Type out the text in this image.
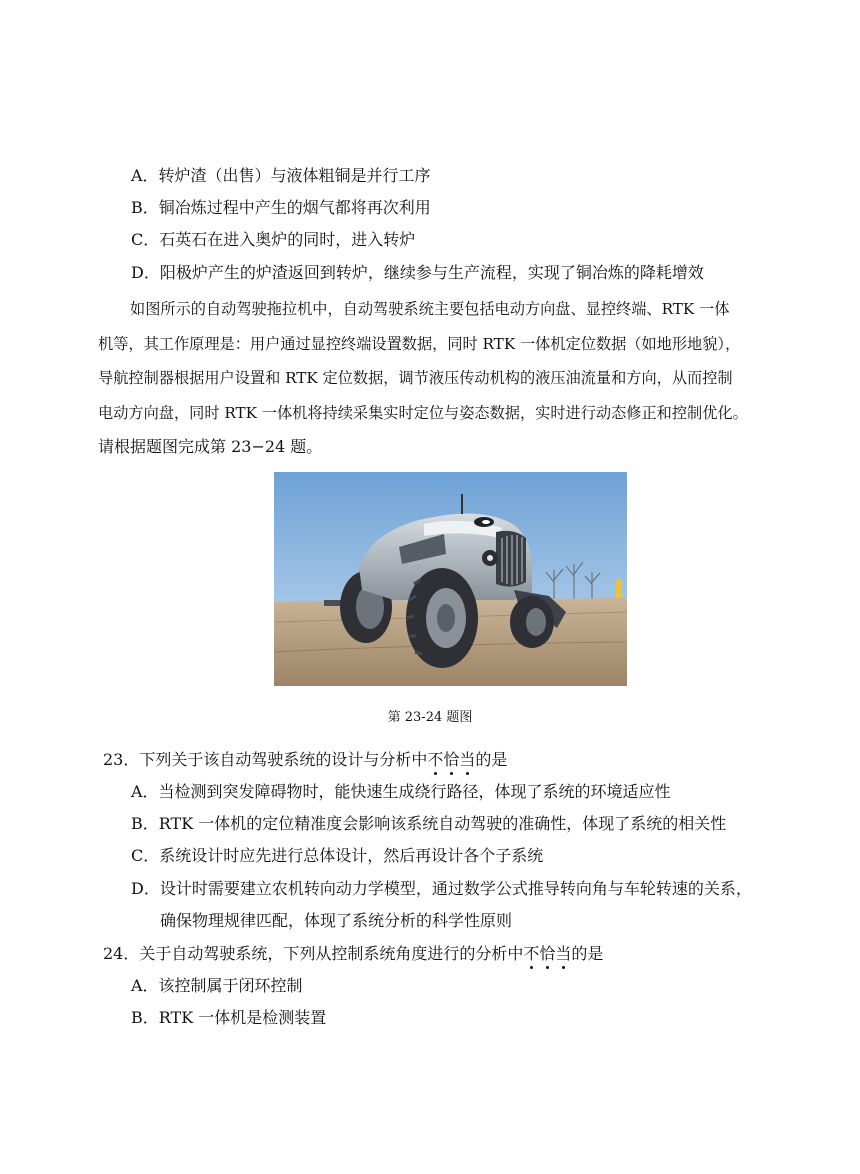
A．转炉渣（出售）与液体粗铜是并行工序
B．铜冶炼过程中产生的烟气都将再次利用
C．石英石在进入奥炉的同时，进入转炉
D．阳极炉产生的炉渣返回到转炉，继续参与生产流程，实现了铜冶炼的降耗增效
如图所示的自动驾驶拖拉机中，自动驾驶系统主要包括电动方向盘、显控终端、RTK 一体
机等，其工作原理是：用户通过显控终端设置数据，同时 RTK 一体机定位数据（如地形地貌），
导航控制器根据用户设置和 RTK 定位数据，调节液压传动机构的液压油流量和方向，从而控制
电动方向盘，同时 RTK 一体机将持续采集实时定位与姿态数据，实时进行动态修正和控制优化。
请根据题图完成第 23−24 题。
第 23-24 题图
23．下列关于该自动驾驶系统的设计与分析中不恰当的是
A．当检测到突发障碍物时，能快速生成绕行路径，体现了系统的环境适应性
B．RTK 一体机的定位精准度会影响该系统自动驾驶的准确性，体现了系统的相关性
C．系统设计时应先进行总体设计，然后再设计各个子系统
D．设计时需要建立农机转向动力学模型，通过数学公式推导转向角与车轮转速的关系，
确保物理规律匹配，体现了系统分析的科学性原则
24．关于自动驾驶系统，下列从控制系统角度进行的分析中不恰当的是
A．该控制属于闭环控制
B．RTK 一体机是检测装置
